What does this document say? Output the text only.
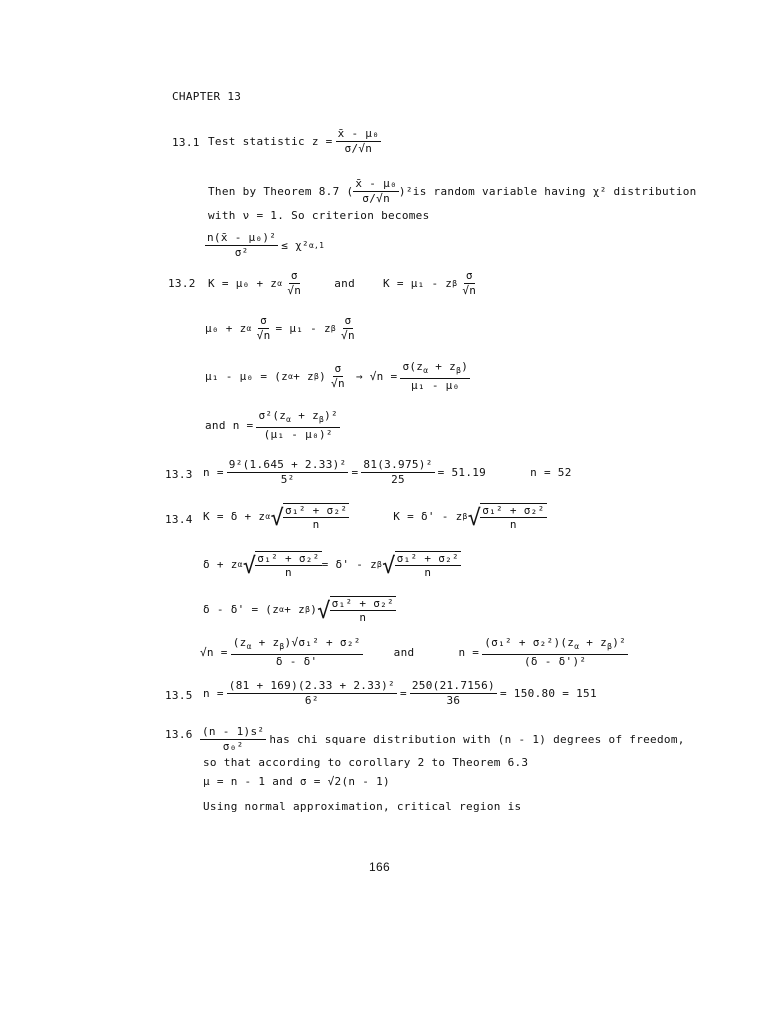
CHAPTER 13
13.1 Test statistic $z = \frac{\text{x̄ - μ₀}}{\sigma/√n}$
Then by Theorem 8.7 ( $\frac{\text{x̄ - μ₀}}{\sigma/√n} )^2$ is random variable having χ² distribution
with ν = 1. So criterion becomes
$\frac{\text{n(x̄ - μ₀)²}}{\text{σ²}} \le \chi^2$ α,1
13.2 K = μ₀ + z α $\frac{\sigma}{√n}$	and	K = μ₁ - z β $\frac{\sigma}{√n}$
μ₀ + z α $\frac{\sigma}{√n} = \mu_1 - z$ β $\frac{\sigma}{√n}$
μ₁ - μ₀ = (z α + z β ) $\frac{\sigma}{√n} \to √n = \frac{\sigma(z_\alpha + z_\beta)}{\text{μ₁ - μ₀}}$
and $n = \frac{\sigma^2(z_\alpha + z_\beta)^2}{\text{(μ₁ - μ₀)²}}$
13.3 $n = \frac{\text{9²(1.645 + 2.33)²}}{\text{5²}} = \frac{\text{81(3.975)²}}{25} = 51.19$	n = 52
13.4 K = δ + z α √ $\frac{\text{σ₁² + σ₂²}}{n}$	K = δ' - z β √ $\frac{\text{σ₁² + σ₂²}}{n}$
δ + z α √ $\frac{\text{σ₁² + σ₂²}}{n} = \delta' - z$ β √ $\frac{\text{σ₁² + σ₂²}}{n}$
δ - δ' = (z α + z β ) √ $\frac{\text{σ₁² + σ₂²}}{n}$
$√n = \frac{(z_\alpha + z_\beta)√\sigma_1^2 + \sigma_2^2}{\delta - \delta'}$	and	$n = \frac{(\sigma_1^2 + \sigma_2^2)(z_\alpha + z_\beta)^2}{\text{(δ - δ')²}}$
13.5 $n = \frac{\text{(81 + 169)(2.33 + 2.33)²}}{\text{6²}} = \frac{250(21.7156)}{36} = 150.80 = 151$
$13.6 \frac{\text{(n - 1)s²}}{\text{σ₀²}}$ has chi square distribution with (n - 1) degrees of freedom,
so that according to corollary 2 to Theorem 6.3
μ = n - 1 and σ = √2(n - 1)
Using normal approximation, critical region is
166
